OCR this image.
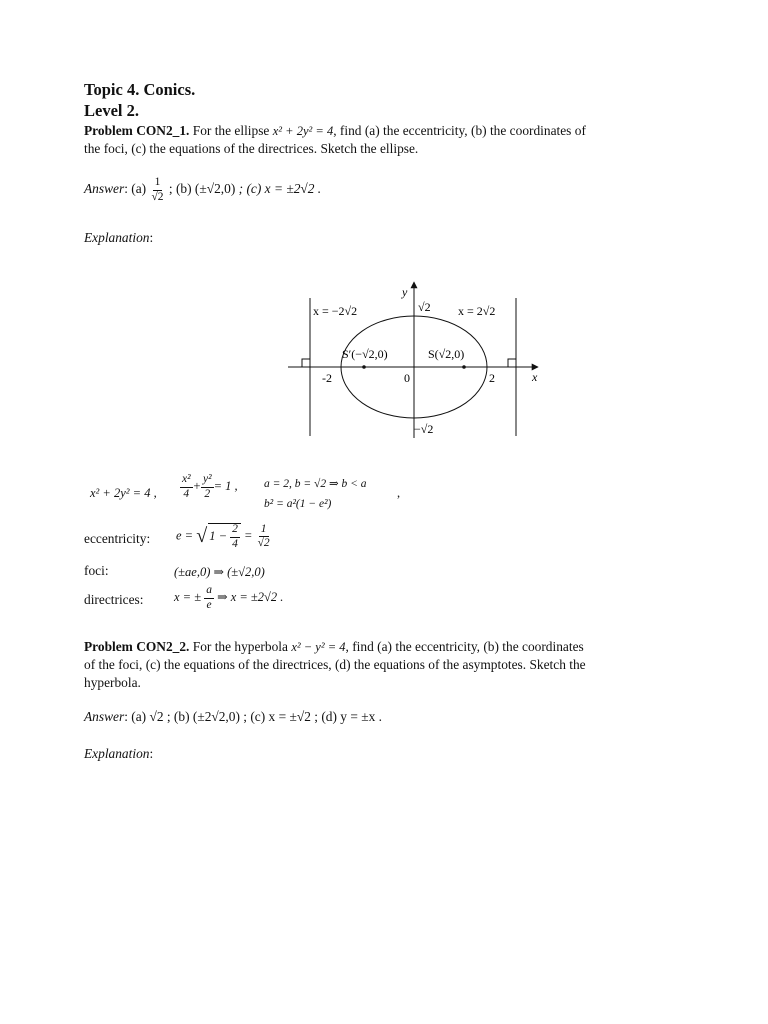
Topic 4. Conics.
Level 2.
Problem CON2_1. For the ellipse x² + 2y² = 4, find (a) the eccentricity, (b) the coordinates of
the foci, (c) the equations of the directrices. Sketch the ellipse.
Answer: $(a) \frac{1}{√2}$ ; (b) (±√2,0) ; (c) x = ±2√2 .
Explanation:
y
x
x = −2√2	x = 2√2
√2
−√2
S′(−√2,0)	S(√2,0)
-2	0	2
x² + 2y² = 4 , $\frac{\text{x²}}{4} + \frac{\text{y²}}{2} = 1$ , a = 2, b = √2 ⇒ b < a
b² = a²(1 − e²)
,
eccentricity: e = √ $1 - \frac{2}{4} = \frac{1}{√2}$
foci:	(±ae,0) ⇒ (±√2,0)
directrices: x = ± $\frac{a}{e}$ ⇒ x = ±2√2 .
Problem CON2_2. For the hyperbola x² − y² = 4, find (a) the eccentricity, (b) the coordinates
of the foci, (c) the equations of the directrices, (d) the equations of the asymptotes. Sketch the
hyperbola.
Answer: (a) √2 ; (b) (±2√2,0) ; (c) x = ±√2 ; (d) y = ±x .
Explanation:
